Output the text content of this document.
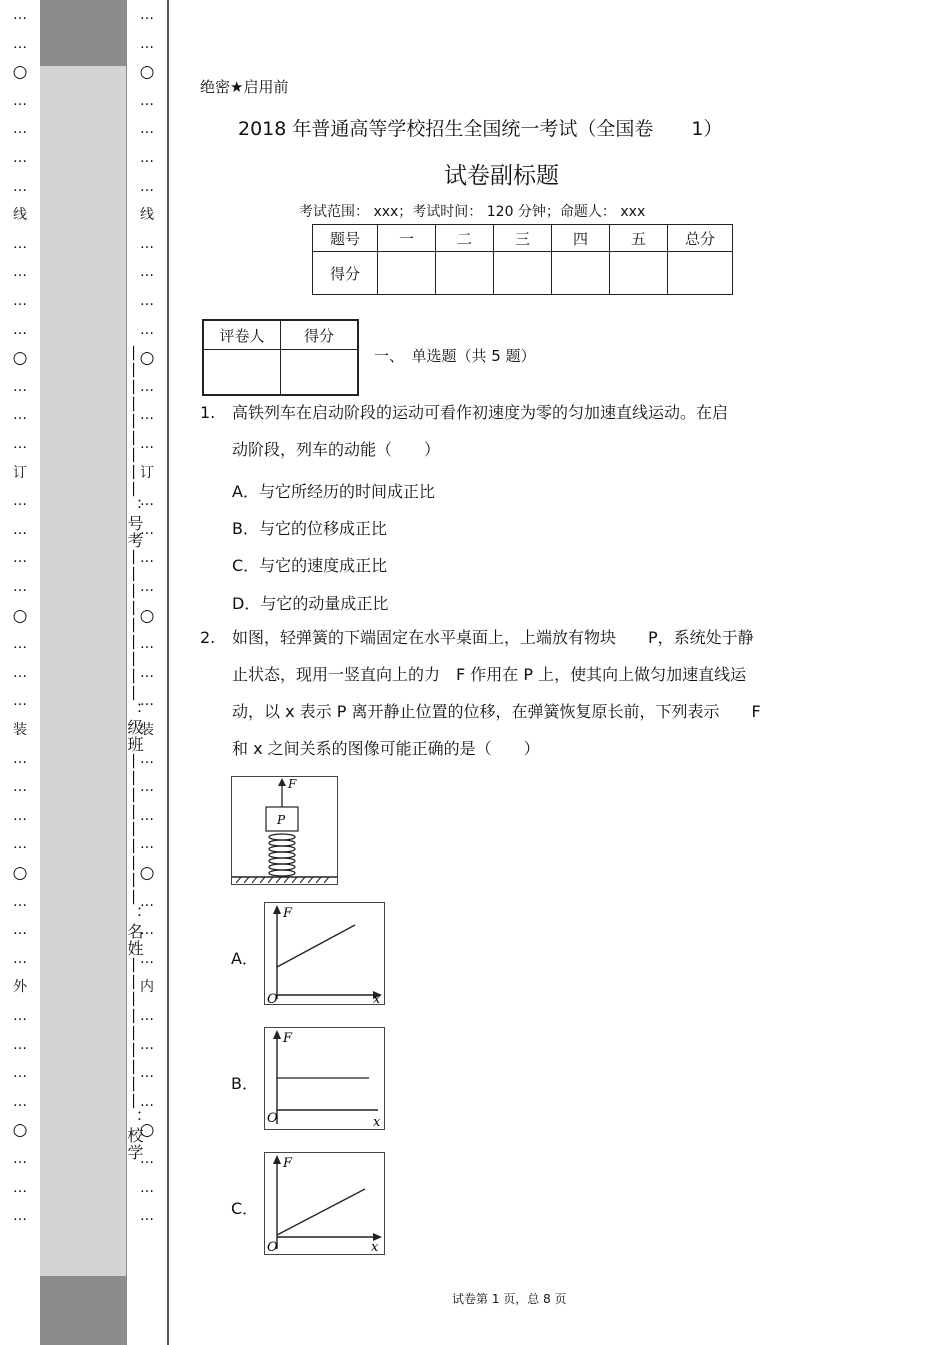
…
…
○
…
…
…
…
线
…
…
…
…
○
…
…
…
订
…
…
…
…
○
…
…
…
装
…
…
…
…
○
…
…
…
外
…
…
…
…
○
…
…
…
—————————：号考—————————：级班—————————：名姓—————————：校学
…
…
○
…
…
…
…
线
…
…
…
…
○
…
…
…
订
…
…
…
…
○
…
…
…
装
…
…
…
…
○
…
…
…
内
…
…
…
…
○
…
…
…
绝密★启用前
2018 年普通高等学校招生全国统一考试（全国卷　　1）
试卷副标题
考试范围： xxx；考试时间： 120 分钟；命题人： xxx
题号	一	二	三	四	五	总分
得分						
评卷人	得分

一、　单选题（共 5 题）
1. 高铁列车在启动阶段的运动可看作初速度为零的匀加速直线运动。在启
动阶段，列车的动能（　　）
A．与它所经历的时间成正比
B．与它的位移成正比
C．与它的速度成正比
D．与它的动量成正比
2. 如图，轻弹簧的下端固定在水平桌面上，上端放有物块　　P，系统处于静
止状态，现用一竖直向上的力　F 作用在 P 上，使其向上做匀加速直线运
动，以 x 表示 P 离开静止位置的位移，在弹簧恢复原长前，下列表示　　F
和 x 之间关系的图像可能正确的是（　　）
F
P
A．
F
O	x
B．
F
O	x
C．
F
O	x
试卷第 1 页，总 8 页
